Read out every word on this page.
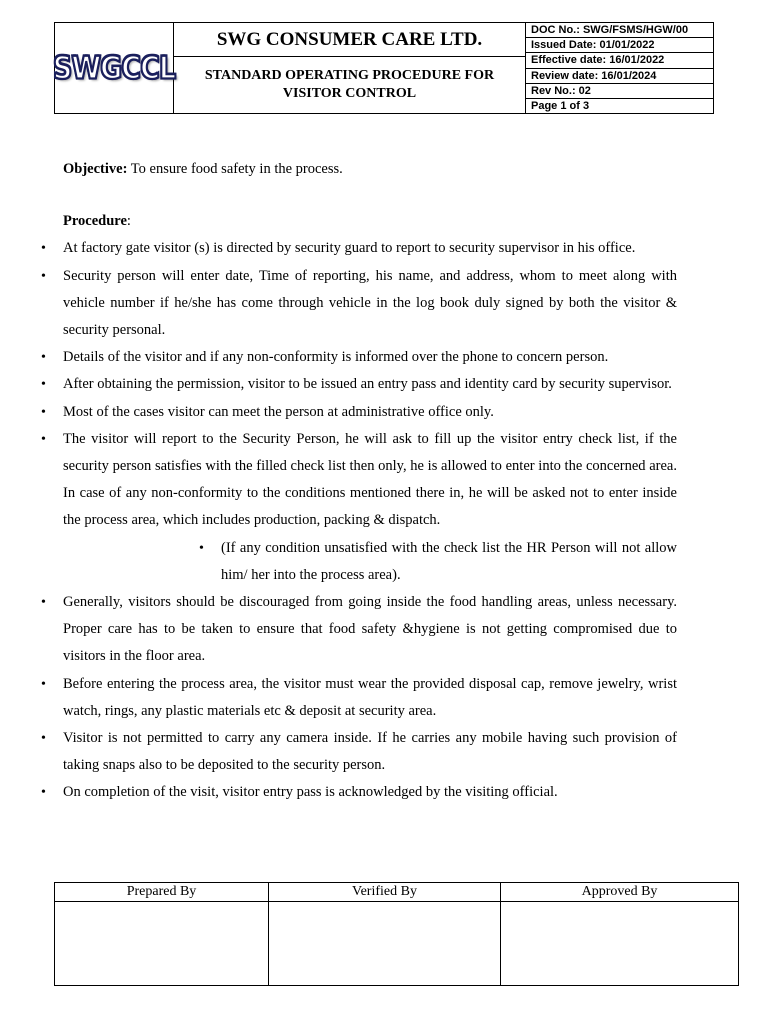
SWGCCL
SWG CONSUMER CARE LTD.
STANDARD OPERATING PROCEDURE FOR
VISITOR CONTROL
DOC No.: SWG/FSMS/HGW/00
Issued Date: 01/01/2022
Effective date: 16/01/2022
Review date: 16/01/2024
Rev No.: 02
Page 1 of 3
Objective: To ensure food safety in the process.
Procedure:
• At factory gate visitor (s) is directed by security guard to report to security supervisor in his office.
• Security person will enter date, Time of reporting, his name, and address, whom to meet along with vehicle number if he/she has come through vehicle in the log book duly signed by both the visitor & security personal.
• Details of the visitor and if any non-conformity is informed over the phone to concern person.
• After obtaining the permission, visitor to be issued an entry pass and identity card by security supervisor.
• Most of the cases visitor can meet the person at administrative office only.
• The visitor will report to the Security Person, he will ask to fill up the visitor entry check list, if the security person satisfies with the filled check list then only, he is allowed to enter into the concerned area. In case of any non-conformity to the conditions mentioned there in, he will be asked not to enter inside the process area, which includes production, packing & dispatch.
• (If any condition unsatisfied with the check list the HR Person will not allow him/ her into the process area).
• Generally, visitors should be discouraged from going inside the food handling areas, unless necessary. Proper care has to be taken to ensure that food safety &hygiene is not getting compromised due to visitors in the floor area.
• Before entering the process area, the visitor must wear the provided disposal cap, remove jewelry, wrist watch, rings, any plastic materials etc & deposit at security area.
• Visitor is not permitted to carry any camera inside. If he carries any mobile having such provision of taking snaps also to be deposited to the security person.
• On completion of the visit, visitor entry pass is acknowledged by the visiting official.
Prepared By	Verified By	Approved By
